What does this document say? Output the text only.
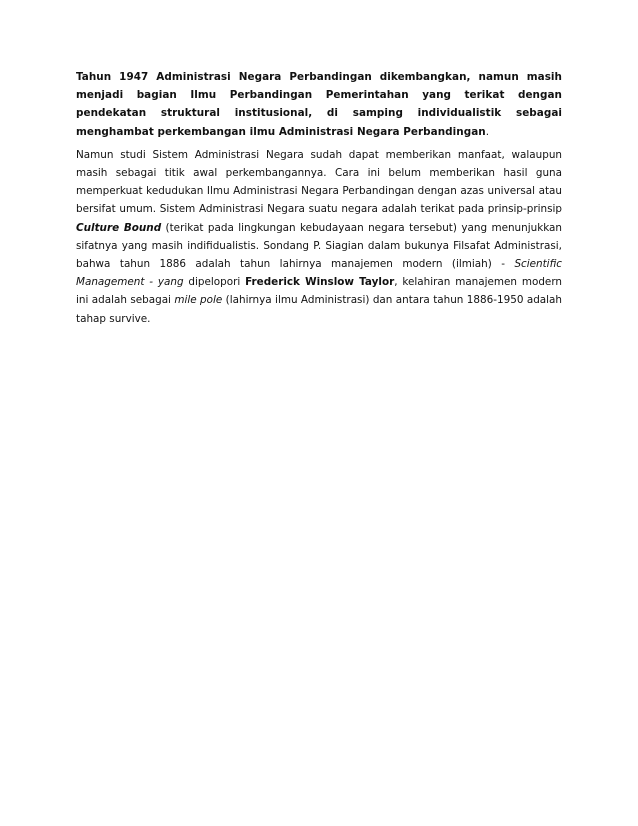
Tahun 1947 Administrasi Negara Perbandingan dikembangkan, namun masih menjadi bagian Ilmu Perbandingan Pemerintahan yang terikat dengan pendekatan struktural institusional, di samping individualistik sebagai menghambat perkembangan ilmu Administrasi Negara Perbandingan.

Namun studi Sistem Administrasi Negara sudah dapat memberikan manfaat, walaupun masih sebagai titik awal perkembangannya. Cara ini belum memberikan hasil guna memperkuat kedudukan Ilmu Administrasi Negara Perbandingan dengan azas universal atau bersifat umum. Sistem Administrasi Negara suatu negara adalah terikat pada prinsip-prinsip Culture Bound (terikat pada lingkungan kebudayaan negara tersebut) yang menunjukkan sifatnya yang masih indifidualistis. Sondang P. Siagian dalam bukunya Filsafat Administrasi, bahwa tahun 1886 adalah tahun lahirnya manajemen modern (ilmiah) - Scientific Management - yang dipelopori Frederick Winslow Taylor, kelahiran manajemen modern ini adalah sebagai mile pole (lahirnya ilmu Administrasi) dan antara tahun 1886-1950 adalah tahap survive.
